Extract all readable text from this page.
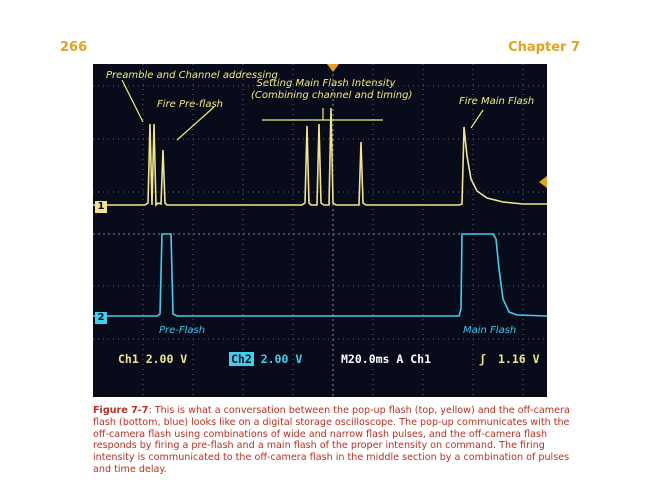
266	Chapter 7
Preamble and Channel addressing
Fire Pre-flash
Setting Main Flash Intensity
(Combining channel and timing)
Fire Main Flash
Pre-Flash	Main Flash
1
2
Ch1 2.00 V	Ch2 2.00 V	M20.0ms A Ch1	ʃ 1.16 V
Figure 7-7: This is what a conversation between the pop-up flash (top, yellow) and the off-camera flash (bottom, blue) looks like on a digital storage oscilloscope. The pop-up communicates with the off-camera flash using combinations of wide and narrow flash pulses, and the off-camera flash responds by firing a pre-flash and a main flash of the proper intensity on command. The firing intensity is communicated to the off-camera flash in the middle section by a combination of pulses and time delay.
